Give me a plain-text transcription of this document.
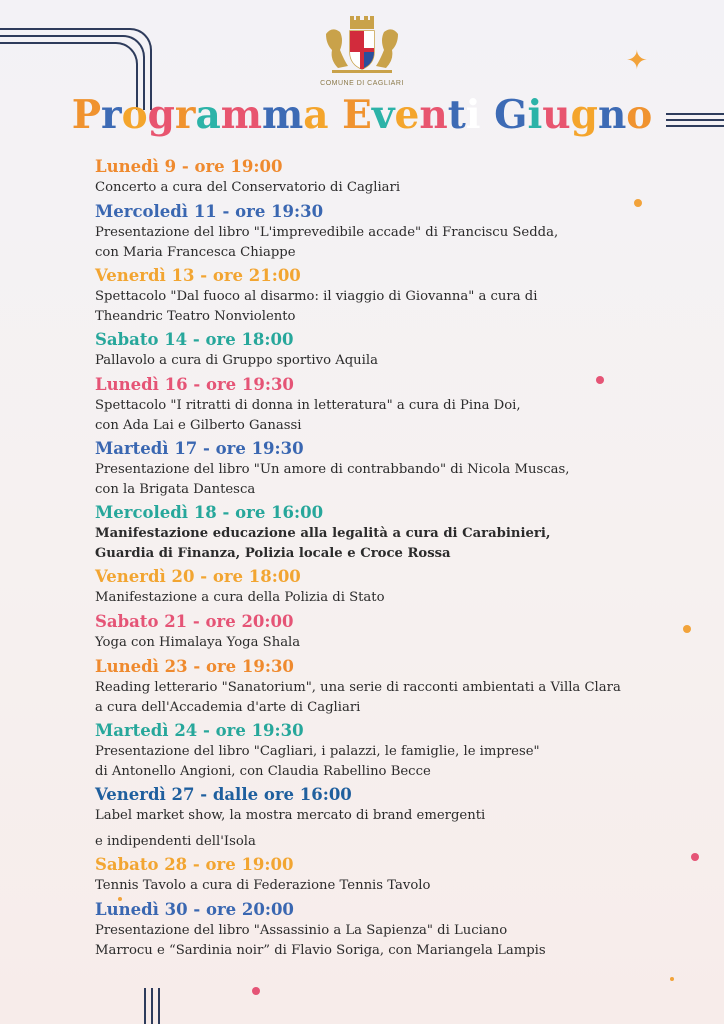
✦
COMUNE DI CAGLIARI
Programma Eventi Giugno
Lunedì 9 - ore 19:00
Concerto a cura del Conservatorio di Cagliari
Mercoledì 11 - ore 19:30
Presentazione del libro "L'imprevedibile accade" di Franciscu Sedda,
con Maria Francesca Chiappe
Venerdì 13 - ore 21:00
Spettacolo "Dal fuoco al disarmo: il viaggio di Giovanna" a cura di
Theandric Teatro Nonviolento
Sabato 14 - ore 18:00
Pallavolo a cura di Gruppo sportivo Aquila
Lunedì 16 - ore 19:30
Spettacolo "I ritratti di donna in letteratura" a cura di Pina Doi,
con Ada Lai e Gilberto Ganassi
Martedì 17 - ore 19:30
Presentazione del libro "Un amore di contrabbando" di Nicola Muscas,
con la Brigata Dantesca
Mercoledì 18 - ore 16:00
Manifestazione educazione alla legalità a cura di Carabinieri,
Guardia di Finanza, Polizia locale e Croce Rossa
Venerdì 20 - ore 18:00
Manifestazione a cura della Polizia di Stato
Sabato 21 - ore 20:00
Yoga con Himalaya Yoga Shala
Lunedì 23 - ore 19:30
Reading letterario "Sanatorium", una serie di racconti ambientati a Villa Clara
a cura dell'Accademia d'arte di Cagliari
Martedì 24 - ore 19:30
Presentazione del libro "Cagliari, i palazzi, le famiglie, le imprese"
di Antonello Angioni, con Claudia Rabellino Becce
Venerdì 27 - dalle ore 16:00
Label market show, la mostra mercato di brand emergenti
e indipendenti dell'Isola
Sabato 28 - ore 19:00
Tennis Tavolo a cura di Federazione Tennis Tavolo
Lunedì 30 - ore 20:00
Presentazione del libro "Assassinio a La Sapienza" di Luciano
Marrocu e “Sardinia noir” di Flavio Soriga, con Mariangela Lampis
